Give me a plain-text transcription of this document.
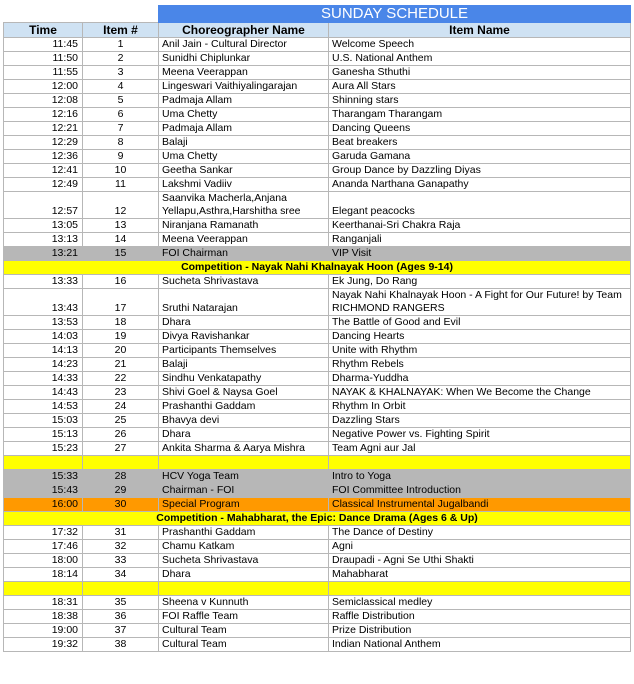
		SUNDAY SCHEDULE	
Time	Item #	Choreographer Name	Item Name
11:45	1	Anil Jain - Cultural Director	Welcome Speech
11:50	2	Sunidhi Chiplunkar	U.S. National Anthem
11:55	3	Meena Veerappan	Ganesha Sthuthi
12:00	4	Lingeswari Vaithiyalingarajan	Aura All Stars
12:08	5	Padmaja Allam	Shinning stars
12:16	6	Uma Chetty	Tharangam Tharangam
12:21	7	Padmaja Allam	Dancing Queens
12:29	8	Balaji	Beat breakers
12:36	9	Uma Chetty	Garuda Gamana
12:41	10	Geetha Sankar	Group Dance by Dazzling Diyas
12:49	11	Lakshmi Vadiiv	Ananda Narthana Ganapathy
12:57	12	Saanvika Macherla,Anjana Yellapu,Asthra,Harshitha sree	Elegant peacocks
13:05	13	Niranjana Ramanath	Keerthanai-Sri Chakra Raja
13:13	14	Meena Veerappan	Ranganjali
13:21	15	FOI Chairman	VIP Visit
Competition - Nayak Nahi Khalnayak Hoon (Ages 9-14)			
13:33	16	Sucheta Shrivastava	Ek Jung, Do Rang
13:43	17	Sruthi Natarajan	Nayak Nahi Khalnayak Hoon - A Fight for Our Future! by Team RICHMOND RANGERS
13:53	18	Dhara	The Battle of Good and Evil
14:03	19	Divya Ravishankar	Dancing Hearts
14:13	20	Participants Themselves	Unite with Rhythm
14:23	21	Balaji	Rhythm Rebels
14:33	22	Sindhu Venkatapathy	Dharma-Yuddha
14:43	23	Shivi Goel & Naysa Goel	NAYAK & KHALNAYAK: When We Become the Change
14:53	24	Prashanthi Gaddam	Rhythm In Orbit
15:03	25	Bhavya devi	Dazzling Stars
15:13	26	Dhara	Negative Power vs. Fighting Spirit
15:23	27	Ankita Sharma & Aarya Mishra	Team Agni aur Jal

15:33	28	HCV Yoga Team	Intro to Yoga
15:43	29	Chairman - FOI	FOI Committee Introduction
16:00	30	Special Program	Classical Instrumental Jugalbandi
Competition - Mahabharat, the Epic: Dance Drama (Ages 6 & Up)			
17:32	31	Prashanthi Gaddam	The Dance of Destiny
17:46	32	Chamu Katkam	Agni
18:00	33	Sucheta Shrivastava	Draupadi - Agni Se Uthi Shakti
18:14	34	Dhara	Mahabharat

18:31	35	Sheena v Kunnuth	Semiclassical medley
18:38	36	FOI Raffle Team	Raffle Distribution
19:00	37	Cultural Team	Prize Distribution
19:32	38	Cultural Team	Indian National Anthem
